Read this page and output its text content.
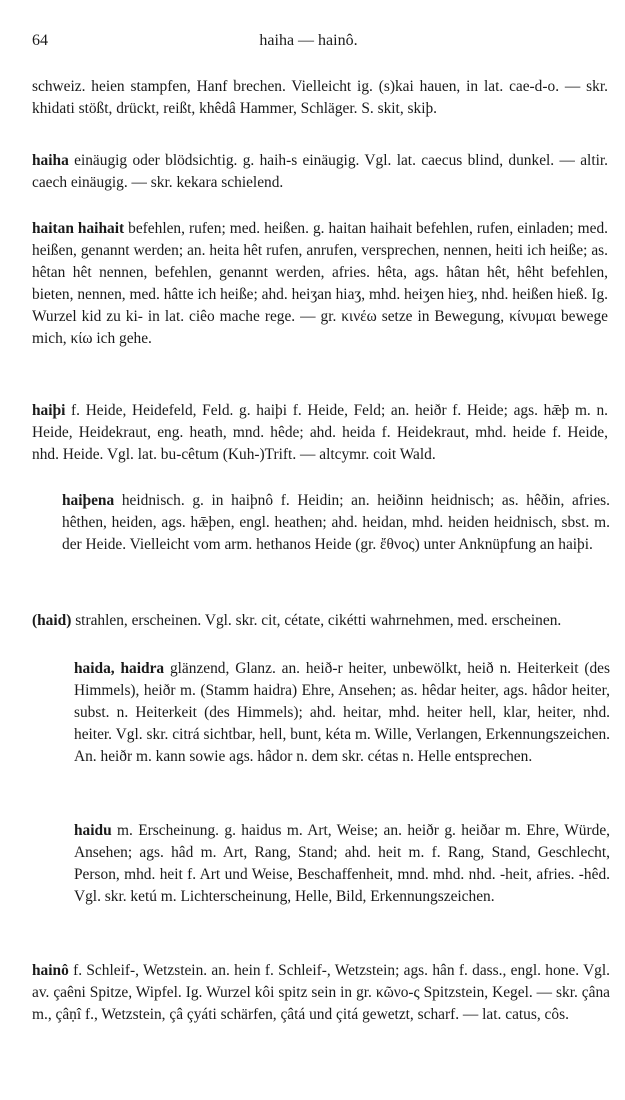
64	haiha — hainô.

schweiz. heien stampfen, Hanf brechen. Vielleicht ig. (s)kai hauen, in lat. cae-d-o. — skr. khidati stößt, drückt, reißt, khêdâ Hammer, Schläger. S. skit, skiþ.

haiha einäugig oder blödsichtig. g. haih-s einäugig. Vgl. lat. caecus blind, dunkel. — altir. caech einäugig. — skr. kekara schielend.

haitan haihait befehlen, rufen; med. heißen. g. haitan haihait befehlen, rufen, einladen; med. heißen, genannt werden; an. heita hêt rufen, anrufen, versprechen, nennen, heiti ich heiße; as. hêtan hêt nennen, befehlen, genannt werden, afries. hêta, ags. hâtan hêt, hêht befehlen, bieten, nennen, med. hâtte ich heiße; ahd. heiʒan hiaʒ, mhd. heiʒen hieʒ, nhd. heißen hieß. Ig. Wurzel kid zu ki- in lat. ciêo mache rege. — gr. κινέω setze in Bewegung, κίνυμαι bewege mich, κίω ich gehe.

haiþi f. Heide, Heidefeld, Feld. g. haiþi f. Heide, Feld; an. heiðr f. Heide; ags. hǣþ m. n. Heide, Heidekraut, eng. heath, mnd. hêde; ahd. heida f. Heidekraut, mhd. heide f. Heide, nhd. Heide. Vgl. lat. bu-cêtum (Kuh-)Trift. — altcymr. coit Wald.

haiþena heidnisch. g. in haiþnô f. Heidin; an. heiðinn heidnisch; as. hêðin, afries. hêthen, heiden, ags. hǣþen, engl. heathen; ahd. heidan, mhd. heiden heidnisch, sbst. m. der Heide. Vielleicht vom arm. hethanos Heide (gr. ἔθνος) unter Anknüpfung an haiþi.

(haid) strahlen, erscheinen. Vgl. skr. cit, cétate, cikétti wahrnehmen, med. erscheinen.

haida, haidra glänzend, Glanz. an. heið-r heiter, unbewölkt, heið n. Heiterkeit (des Himmels), heiðr m. (Stamm haidra) Ehre, Ansehen; as. hêdar heiter, ags. hâdor heiter, subst. n. Heiterkeit (des Himmels); ahd. heitar, mhd. heiter hell, klar, heiter, nhd. heiter. Vgl. skr. citrá sichtbar, hell, bunt, kéta m. Wille, Verlangen, Erkennungszeichen. An. heiðr m. kann sowie ags. hâdor n. dem skr. cétas n. Helle entsprechen.

haidu m. Erscheinung. g. haidus m. Art, Weise; an. heiðr g. heiðar m. Ehre, Würde, Ansehen; ags. hâd m. Art, Rang, Stand; ahd. heit m. f. Rang, Stand, Geschlecht, Person, mhd. heit f. Art und Weise, Beschaffenheit, mnd. mhd. nhd. -heit, afries. -hêd. Vgl. skr. ketú m. Lichterscheinung, Helle, Bild, Erkennungszeichen.

hainô f. Schleif-, Wetzstein. an. hein f. Schleif-, Wetzstein; ags. hân f. dass., engl. hone. Vgl. av. çaêni Spitze, Wipfel. Ig. Wurzel kôi spitz sein in gr. κῶνο-ς Spitzstein, Kegel. — skr. çâna m., çâṇî f., Wetzstein, çâ çyáti schärfen, çâtá und çitá gewetzt, scharf. — lat. catus, côs.
